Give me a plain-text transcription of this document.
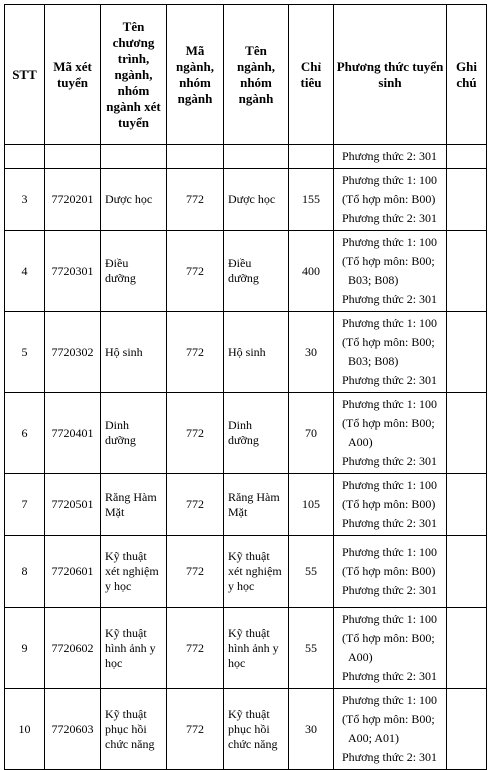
STT	Mã xét tuyển	Tên chương trình, ngành, nhóm ngành xét tuyển	Mã ngành, nhóm ngành	Tên ngành, nhóm ngành	Chỉ tiêu	Phương thức tuyển sinh	Ghi chú

						Phương thức 2: 301	

3	7720201	Dược học	772	Dược học	155	Phương thức 1: 100
(Tổ hợp môn: B00)
Phương thức 2: 301	

4	7720301	Điều dưỡng	772	Điều dưỡng	400	Phương thức 1: 100
(Tổ hợp môn: B00;
B03; B08)
Phương thức 2: 301	

5	7720302	Hộ sinh	772	Hộ sinh	30	Phương thức 1: 100
(Tổ hợp môn: B00;
B03; B08)
Phương thức 2: 301	

6	7720401	Dinh dưỡng	772	Dinh dưỡng	70	Phương thức 1: 100
(Tổ hợp môn: B00;
A00)
Phương thức 2: 301	

7	7720501	Răng Hàm Mặt	772	Răng Hàm Mặt	105	Phương thức 1: 100
(Tổ hợp môn: B00)
Phương thức 2: 301	

8	7720601	Kỹ thuật xét nghiệm y học	772	Kỹ thuật xét nghiệm y học	55	Phương thức 1: 100
(Tổ hợp môn: B00)
Phương thức 2: 301	

9	7720602	Kỹ thuật hình ảnh y học	772	Kỹ thuật hình ảnh y học	55	Phương thức 1: 100
(Tổ hợp môn: B00;
A00)
Phương thức 2: 301	

10	7720603	Kỹ thuật phục hồi chức năng	772	Kỹ thuật phục hồi chức năng	30	Phương thức 1: 100
(Tổ hợp môn: B00;
A00; A01)
Phương thức 2: 301	
